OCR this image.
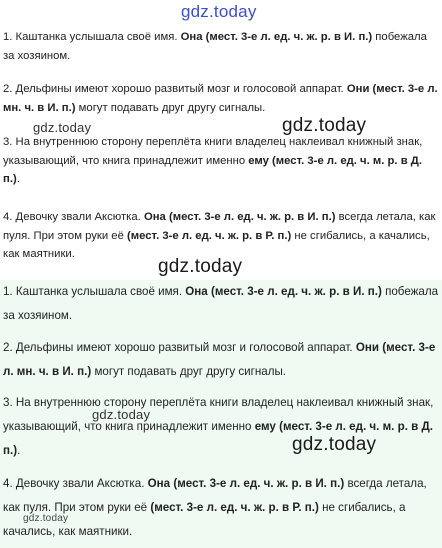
1. Каштанка услышала своё имя. Она (мест. 3-е л. ед. ч. ж. р. в И. п.) побежала за хозяином.

2. Дельфины имеют хорошо развитый мозг и голосовой аппарат. Они (мест. 3-е л. мн. ч. в И. п.) могут подавать друг другу сигналы.

3. На внутреннюю сторону переплёта книги владелец наклеивал книжный знак, указывающий, что книга принадлежит именно ему (мест. 3-е л. ед. ч. м. р. в Д. п.).

4. Девочку звали Аксютка. Она (мест. 3-е л. ед. ч. ж. р. в И. п.) всегда летала, как пуля. При этом руки её (мест. 3-е л. ед. ч. ж. р. в Р. п.) не сгибались, а качались, как маятники.

1. Каштанка услышала своё имя. Она (мест. 3-е л. ед. ч. ж. р. в И. п.) побежала за хозяином.

2. Дельфины имеют хорошо развитый мозг и голосовой аппарат. Они (мест. 3-е л. мн. ч. в И. п.) могут подавать друг другу сигналы.

3. На внутреннюю сторону переплёта книги владелец наклеивал книжный знак, указывающий, что книга принадлежит именно ему (мест. 3-е л. ед. ч. м. р. в Д. п.).

4. Девочку звали Аксютка. Она (мест. 3-е л. ед. ч. ж. р. в И. п.) всегда летала, как пуля. При этом руки её (мест. 3-е л. ед. ч. ж. р. в Р. п.) не сгибались, а качались, как маятники.

gdz.today
gdz.today	gdz.today
gdz.today
gdz.today
gdz.today
gdz.today
